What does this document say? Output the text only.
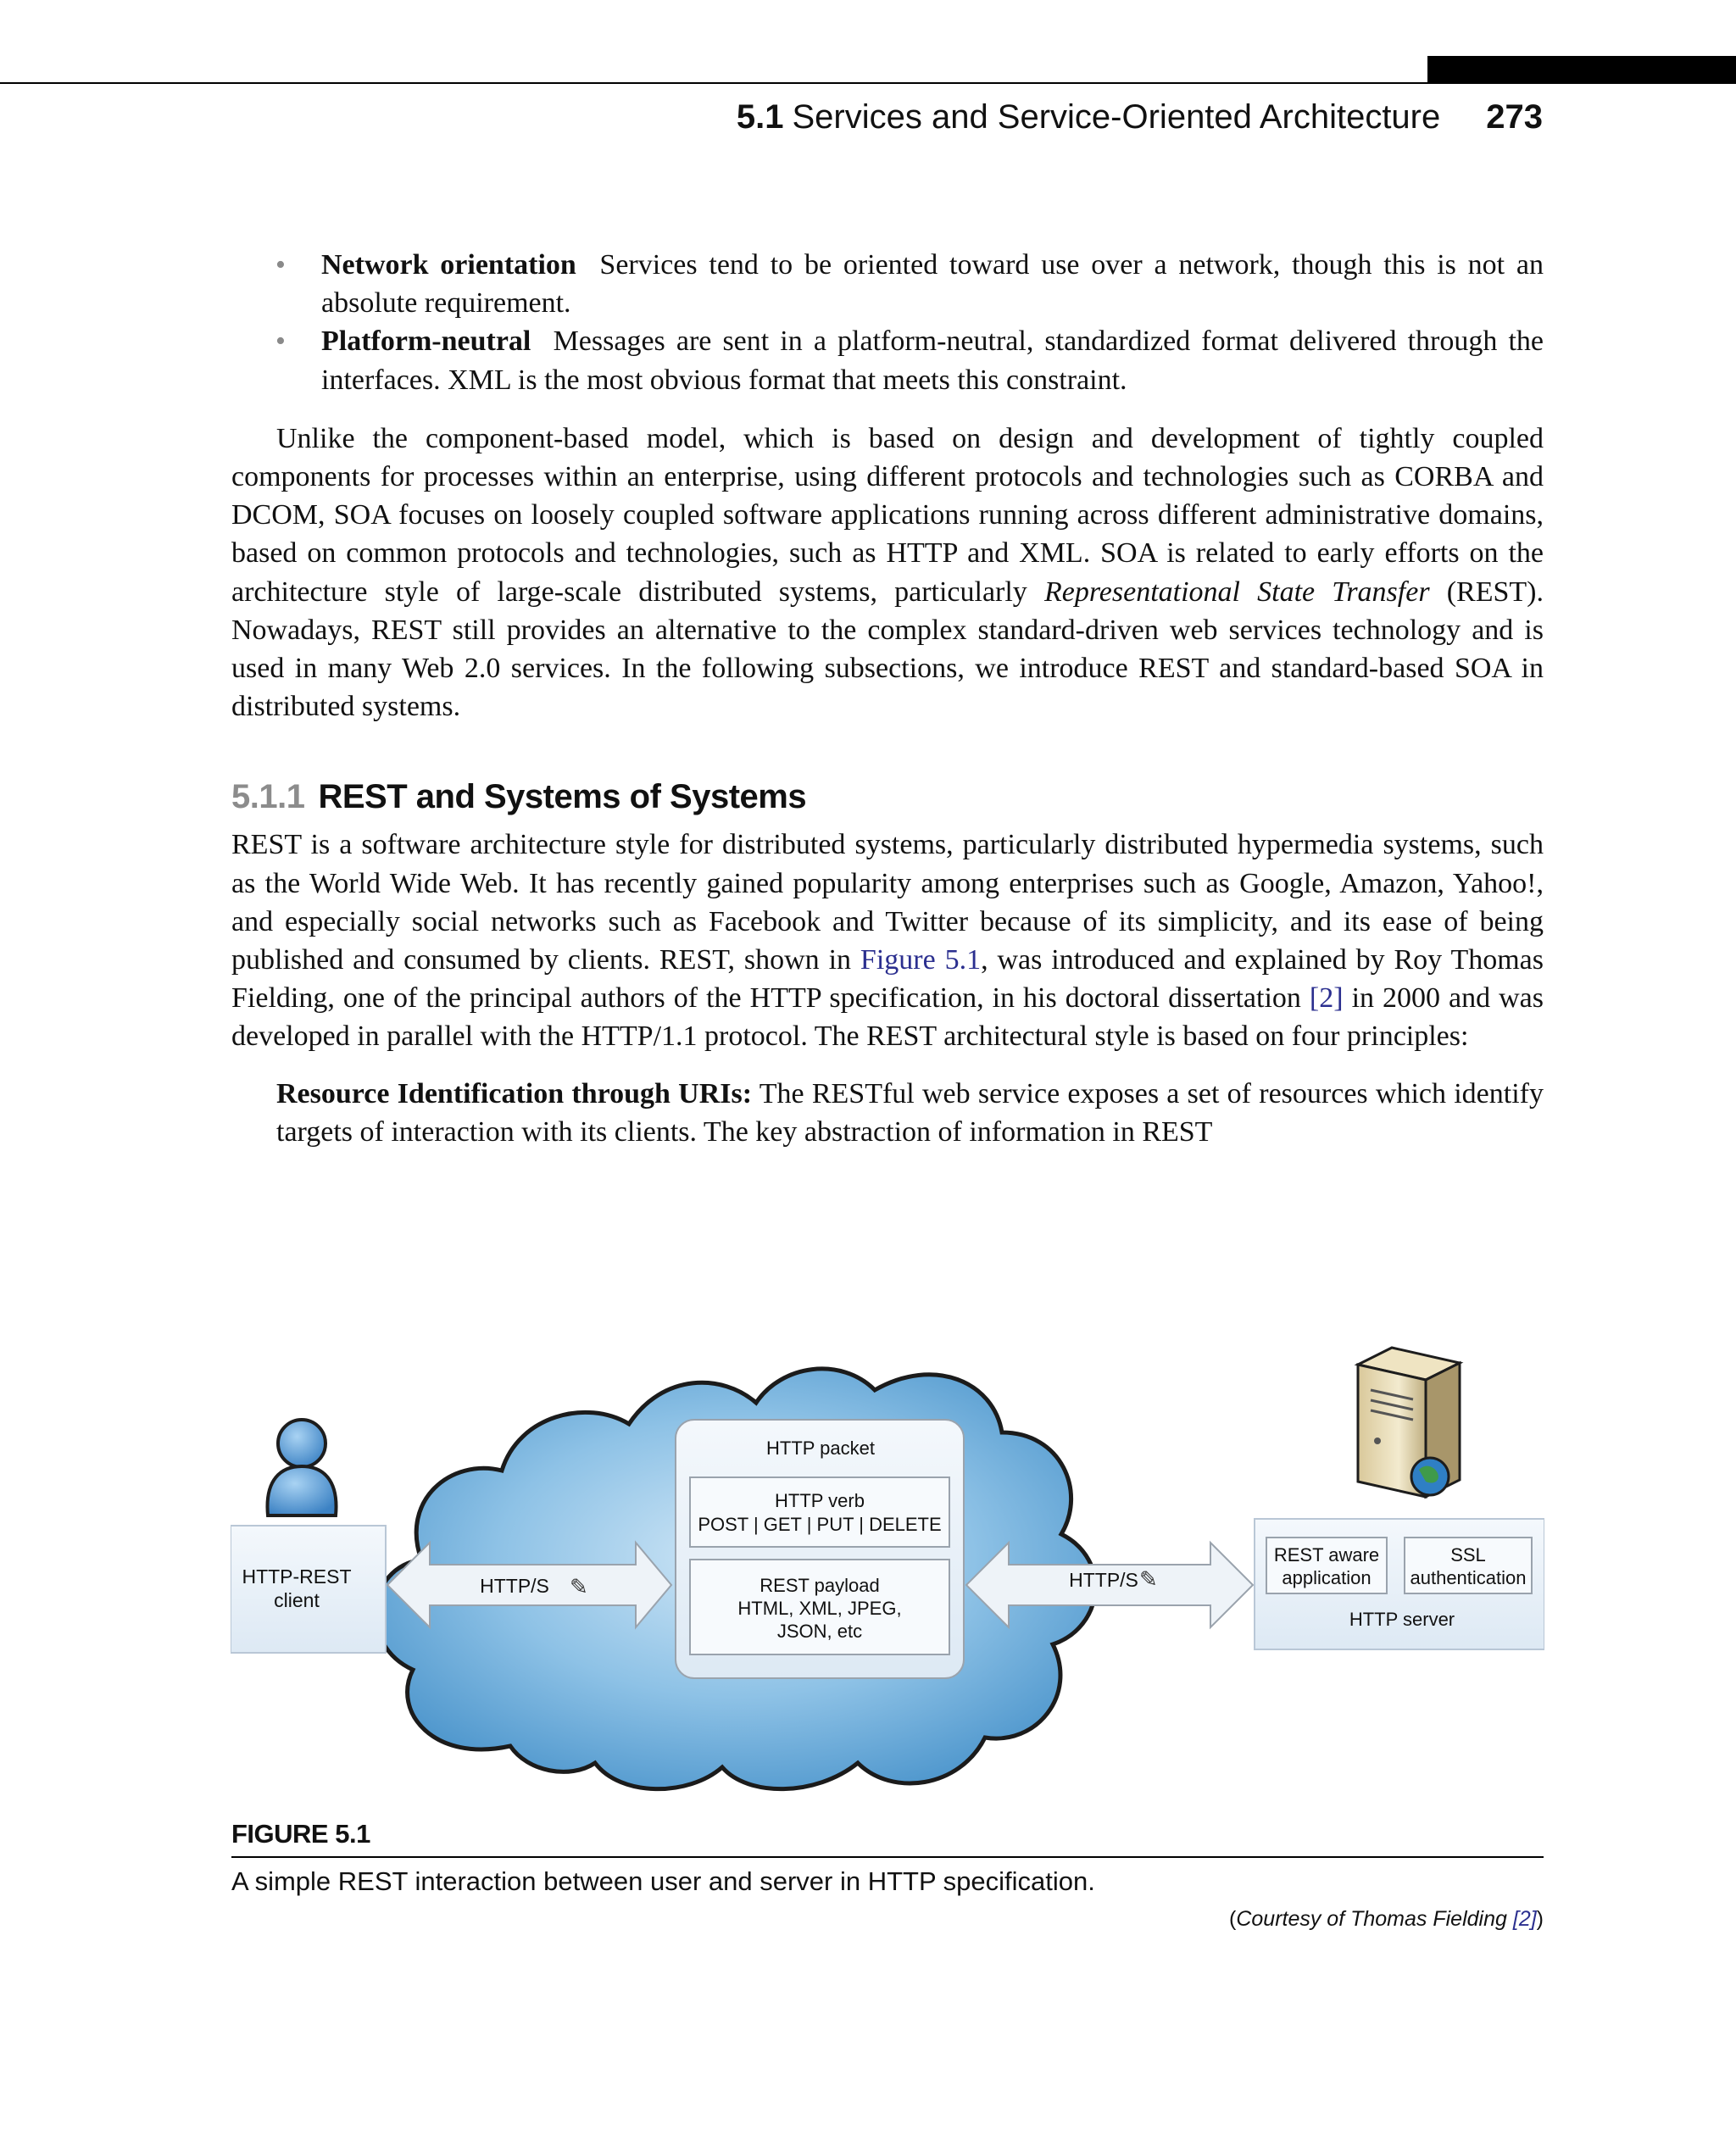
5.1 Services and Service-Oriented Architecture 273
• Network orientation Services tend to be oriented toward use over a network, though this is not an absolute requirement.
• Platform-neutral Messages are sent in a platform-neutral, standardized format delivered through the interfaces. XML is the most obvious format that meets this constraint.

Unlike the component-based model, which is based on design and development of tightly coupled components for processes within an enterprise, using different protocols and technologies such as CORBA and DCOM, SOA focuses on loosely coupled software applications running across different administrative domains, based on common protocols and technologies, such as HTTP and XML. SOA is related to early efforts on the architecture style of large-scale distributed systems, particularly Representational State Transfer (REST). Nowadays, REST still provides an alternative to the complex standard-driven web services technology and is used in many Web 2.0 services. In the following subsections, we introduce REST and standard-based SOA in distributed systems.

5.1.1 REST and Systems of Systems

REST is a software architecture style for distributed systems, particularly distributed hypermedia systems, such as the World Wide Web. It has recently gained popularity among enterprises such as Google, Amazon, Yahoo!, and especially social networks such as Facebook and Twitter because of its simplicity, and its ease of being published and consumed by clients. REST, shown in Figure 5.1, was introduced and explained by Roy Thomas Fielding, one of the principal authors of the HTTP specification, in his doctoral dissertation [2] in 2000 and was developed in parallel with the HTTP/1.1 protocol. The REST architectural style is based on four principles:

Resource Identification through URIs: The RESTful web service exposes a set of resources which identify targets of interaction with its clients. The key abstraction of information in REST

HTTP-REST
client
HTTP/S ✎	HTTP/S ✎
HTTP packet
HTTP verb
POST | GET | PUT | DELETE
REST payload
HTML, XML, JPEG,
JSON, etc
REST aware
application
SSL
authentication
HTTP server
FIGURE 5.1
A simple REST interaction between user and server in HTTP specification.
(Courtesy of Thomas Fielding [2])
